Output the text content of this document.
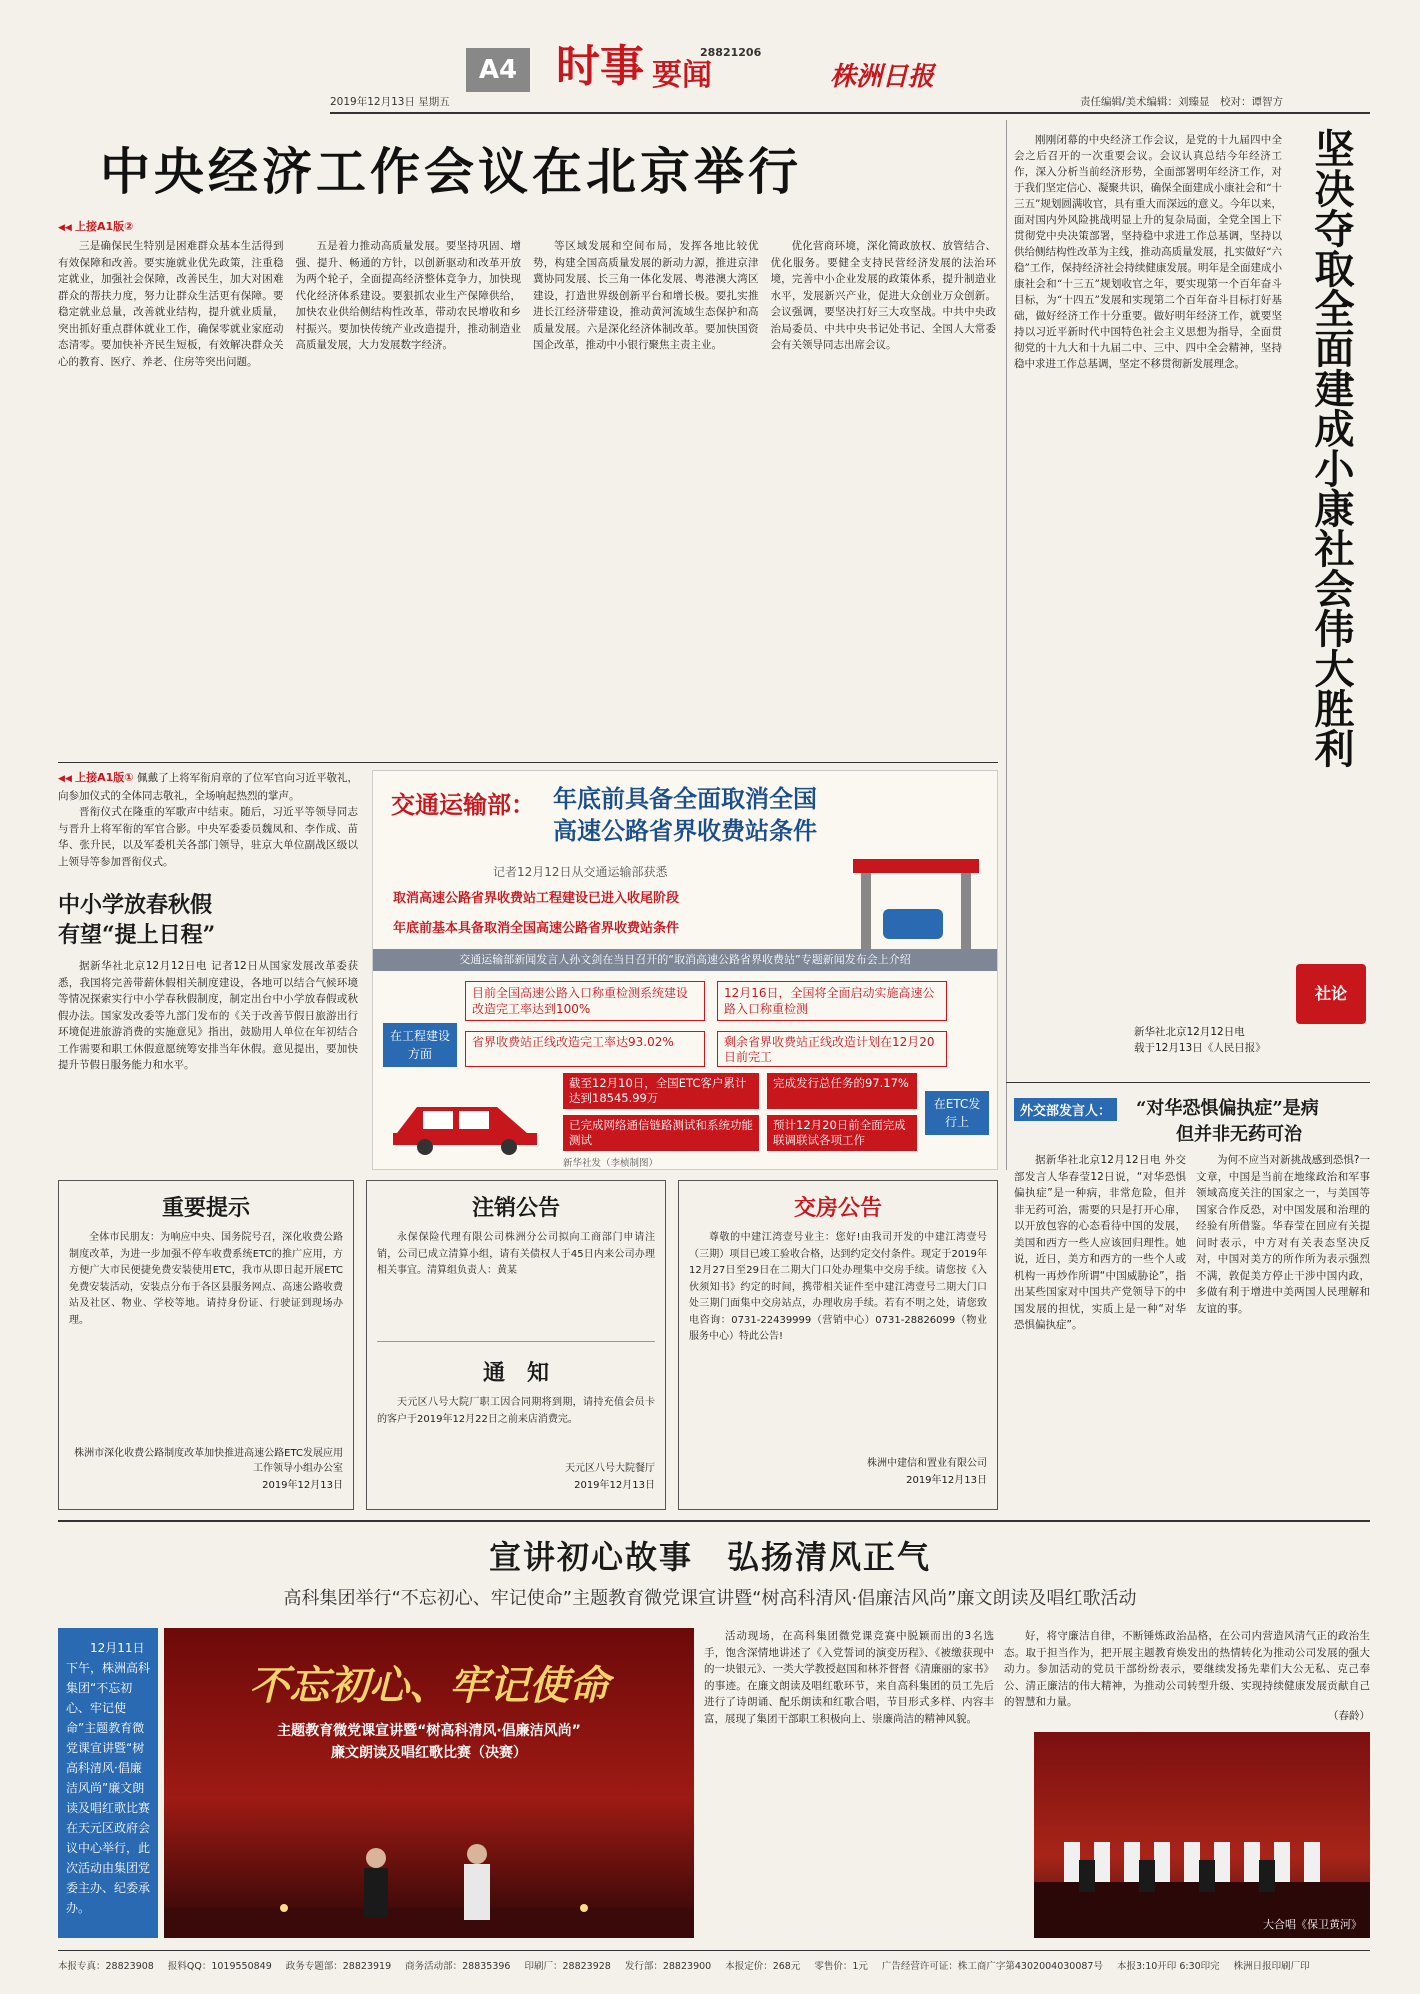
A4 时事 要闻
28821206
株洲日报
2019年12月13日 星期五	责任编辑/美术编辑：刘臻显　校对：谭智方
中央经济工作会议在北京举行
◀◀ 上接A1版②

三是确保民生特别是困难群众基本生活得到有效保障和改善。要实施就业优先政策，注重稳定就业，加强社会保障，改善民生，加大对困难群众的帮扶力度，努力让群众生活更有保障。要稳定就业总量，改善就业结构，提升就业质量，突出抓好重点群体就业工作，确保零就业家庭动态清零。要加快补齐民生短板，有效解决群众关心的教育、医疗、养老、住房等突出问题。

五是着力推动高质量发展。要坚持巩固、增强、提升、畅通的方针，以创新驱动和改革开放为两个轮子，全面提高经济整体竞争力，加快现代化经济体系建设。要狠抓农业生产保障供给，加快农业供给侧结构性改革，带动农民增收和乡村振兴。要加快传统产业改造提升，推动制造业高质量发展，大力发展数字经济。

等区域发展和空间布局，发挥各地比较优势，构建全国高质量发展的新动力源，推进京津冀协同发展、长三角一体化发展、粤港澳大湾区建设，打造世界级创新平台和增长极。要扎实推进长江经济带建设，推动黄河流域生态保护和高质量发展。六是深化经济体制改革。要加快国资国企改革，推动中小银行聚焦主责主业。

优化营商环境，深化简政放权、放管结合、优化服务。要健全支持民营经济发展的法治环境，完善中小企业发展的政策体系，提升制造业水平，发展新兴产业，促进大众创业万众创新。会议强调，要坚决打好三大攻坚战。中共中央政治局委员、中共中央书记处书记、全国人大常委会有关领导同志出席会议。

◀◀ 上接A1版① 佩戴了上将军衔肩章的了位军官向习近平敬礼，向参加仪式的全体同志敬礼，全场响起热烈的掌声。

晋衔仪式在隆重的军歌声中结束。随后，习近平等领导同志与晋升上将军衔的军官合影。中央军委委员魏凤和、李作成、苗华、张升民，以及军委机关各部门领导，驻京大单位副战区级以上领导等参加晋衔仪式。

中小学放春秋假
有望“提上日程”

据新华社北京12月12日电 记者12日从国家发展改革委获悉，我国将完善带薪休假相关制度建设，各地可以结合气候环境等情况探索实行中小学春秋假制度，制定出台中小学放春假或秋假办法。国家发改委等九部门发布的《关于改善节假日旅游出行环境促进旅游消费的实施意见》指出，鼓励用人单位在年初结合工作需要和职工休假意愿统筹安排当年休假。意见提出，要加快提升节假日服务能力和水平。

交通运输部： 年底前具备全面取消全国
高速公路省界收费站条件
记者12月12日从交通运输部获悉
取消高速公路省界收费站工程建设已进入收尾阶段
年底前基本具备取消全国高速公路省界收费站条件
交通运输部新闻发言人孙文剑在当日召开的“取消高速公路省界收费站”专题新闻发布会上介绍
在工程建设方面
目前全国高速公路入口称重检测系统建设改造完工率达到100%
12月16日，全国将全面启动实施高速公路入口称重检测
省界收费站正线改造完工率达93.02%	剩余省界收费站正线改造计划在12月20日前完工
截至12月10日，全国ETC客户累计达到18545.99万
完成发行总任务的97.17%
已完成网络通信链路测试和系统功能测试
预计12月20日前全面完成联调联试各项工作
在ETC发行上
新华社发（李桢制图）

刚刚闭幕的中央经济工作会议，是党的十九届四中全会之后召开的一次重要会议。会议认真总结今年经济工作，深入分析当前经济形势，全面部署明年经济工作，对于我们坚定信心、凝聚共识，确保全面建成小康社会和“十三五”规划圆满收官，具有重大而深远的意义。今年以来，面对国内外风险挑战明显上升的复杂局面，全党全国上下贯彻党中央决策部署，坚持稳中求进工作总基调，坚持以供给侧结构性改革为主线，推动高质量发展，扎实做好“六稳”工作，保持经济社会持续健康发展。明年是全面建成小康社会和“十三五”规划收官之年，要实现第一个百年奋斗目标，为“十四五”发展和实现第二个百年奋斗目标打好基础，做好经济工作十分重要。做好明年经济工作，就要坚持以习近平新时代中国特色社会主义思想为指导，全面贯彻党的十九大和十九届二中、三中、四中全会精神，坚持稳中求进工作总基调，坚定不移贯彻新发展理念。	坚决夺取全面建成小康社会伟大胜利
社论
新华社北京12月12日电
载于12月13日《人民日报》
外交部发言人：	“对华恐惧偏执症”是病
但并非无药可治

据新华社北京12月12日电 外交部发言人华春莹12日说，“对华恐惧偏执症”是一种病，非常危险，但并非无药可治，需要的只是打开心扉，以开放包容的心态看待中国的发展，美国和西方一些人应该回归理性。她说，近日，美方和西方的一些个人或机构一再炒作所谓“中国威胁论”，指出某些国家对中国共产党领导下的中国发展的担忧，实质上是一种“对华恐惧偏执症”。

为何不应当对新挑战感到恐惧?一文章，中国是当前在地缘政治和军事领域高度关注的国家之一，与美国等国家合作反恐，对中国发展和治理的经验有所借鉴。华春莹在回应有关提问时表示，中方对有关表态坚决反对，中国对美方的所作所为表示强烈不满，敦促美方停止干涉中国内政，多做有利于增进中美两国人民理解和友谊的事。

重要提示

全体市民朋友：为响应中央、国务院号召，深化收费公路制度改革，为进一步加强不停车收费系统ETC的推广应用，方方便广大市民便捷免费安装使用ETC，我市从即日起开展ETC免费安装活动，安装点分布于各区县服务网点、高速公路收费站及社区、物业、学校等地。请持身份证、行驶证到现场办理。

株洲市深化收费公路制度改革加快推进高速公路ETC发展应用工作领导小组办公室
2019年12月13日
注销公告

永保保险代理有限公司株洲分公司拟向工商部门申请注销，公司已成立清算小组，请有关债权人于45日内来公司办理相关事宜。清算组负责人：黄某

通　知

天元区八号大院厂职工因合同期将到期，请持充值会员卡的客户于2019年12月22日之前来店消费完。

天元区八号大院餐厅
2019年12月13日
交房公告

尊敬的中建江湾壹号业主：您好!由我司开发的中建江湾壹号（三期）项目已竣工验收合格，达到约定交付条件。现定于2019年12月27日至29日在二期大门口处办理集中交房手续。请您按《入伙须知书》约定的时间，携带相关证件至中建江湾壹号二期大门口处三期门面集中交房站点，办理收房手续。若有不明之处，请您致电咨询：0731-22439999（营销中心）0731-28826099（物业服务中心）特此公告!

株洲中建信和置业有限公司
2019年12月13日
宣讲初心故事　弘扬清风正气
高科集团举行“不忘初心、牢记使命”主题教育微党课宣讲暨“树高科清风·倡廉洁风尚”廉文朗读及唱红歌活动
12月11日下午，株洲高科集团“不忘初心、牢记使命”主题教育微党课宣讲暨“树高科清风·倡廉洁风尚”廉文朗读及唱红歌比赛在天元区政府会议中心举行，此次活动由集团党委主办、纪委承办。
不忘初心、牢记使命
主题教育微党课宣讲暨“树高科清风·倡廉洁风尚”
廉文朗读及唱红歌比赛（决赛）

活动现场，在高科集团微党课竞赛中脱颖而出的3名选手，饱含深情地讲述了《入党誓词的演变历程》、《被缴获现中的一块银元》、一类大学教授赵国和林芥督督《清廉丽的家书》的事迹。在廉文朗读及唱红歌环节，来自高科集团的员工先后进行了诗朗诵、配乐朗读和红歌合唱，节目形式多样、内容丰富，展现了集团干部职工积极向上、崇廉尚洁的精神风貌。

好，将守廉洁自律，不断锤炼政治品格，在公司内营造风清气正的政治生态。取于担当作为，把开展主题教育焕发出的热情转化为推动公司发展的强大动力。参加活动的党员干部纷纷表示，要继续发扬先辈们大公无私、克己奉公、清正廉洁的伟大精神，为推动公司转型升级、实现持续健康发展贡献自己的智慧和力量。

（春龄）
大合唱《保卫黄河》
本报专真：28823908 报料QQ：1019550849 政务专题部：28823919 商务活动部：28835396 印刷厂：28823928 发行部：28823900 本报定价：268元 零售价：1元 广告经营许可证：株工商广字第4302004030087号 本报3:10开印 6:30印完 株洲日报印刷厂印
